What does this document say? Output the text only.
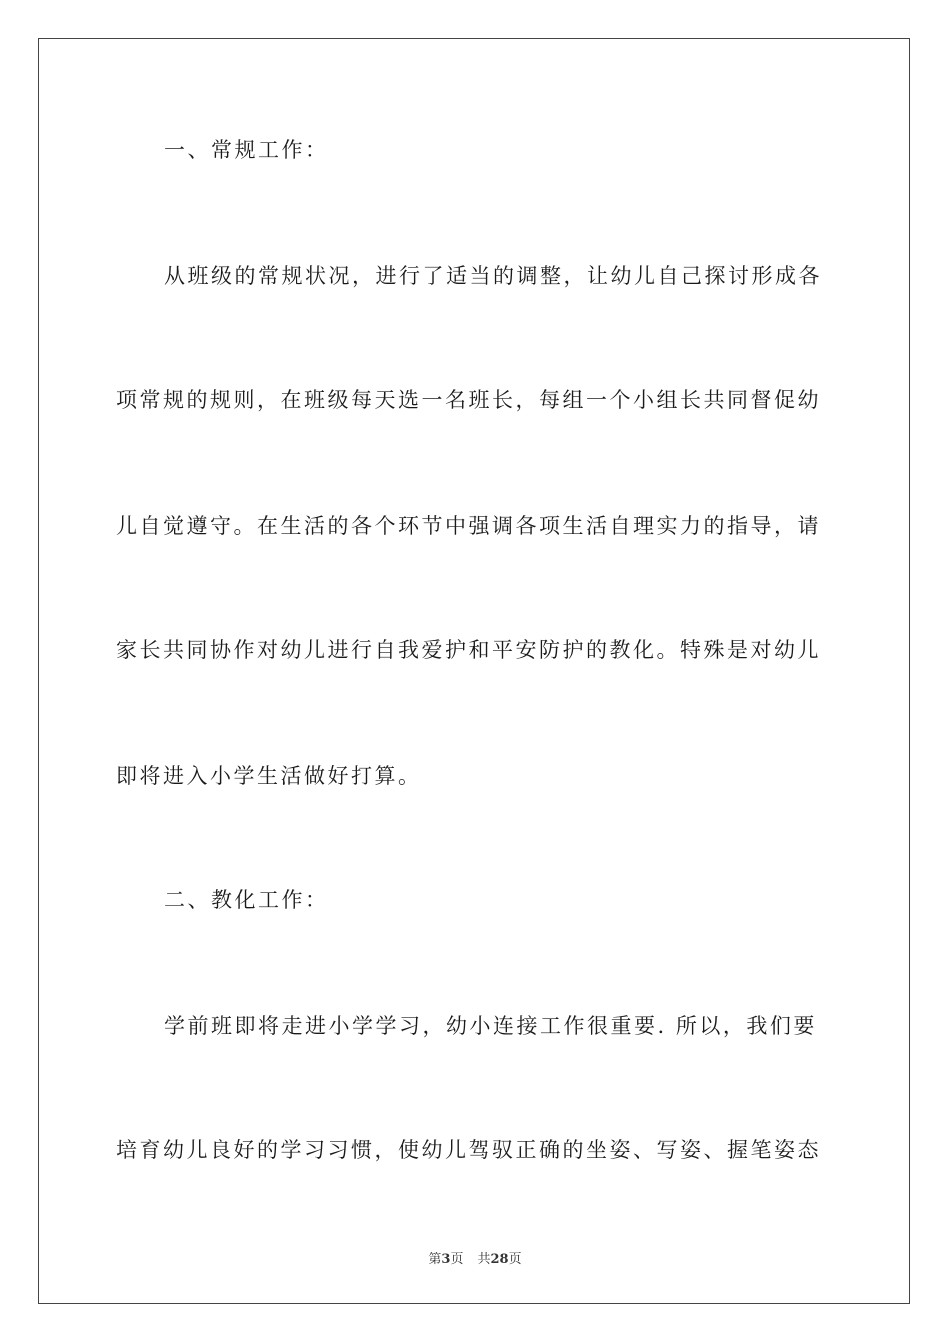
一、常规工作：
从班级的常规状况，进行了适当的调整，让幼儿自己探讨形成各
项常规的规则，在班级每天选一名班长，每组一个小组长共同督促幼
儿自觉遵守。在生活的各个环节中强调各项生活自理实力的指导，请
家长共同协作对幼儿进行自我爱护和平安防护的教化。特殊是对幼儿
即将进入小学生活做好打算。
二、教化工作：
学前班即将走进小学学习，幼小连接工作很重要. 所以，我们要
培育幼儿良好的学习习惯，使幼儿驾驭正确的坐姿、写姿、握笔姿态
第3页 共28页
